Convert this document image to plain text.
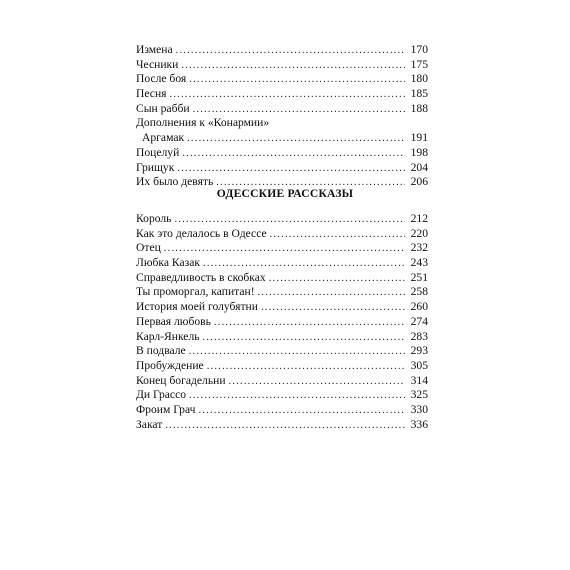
Измена .....	170
Чесники .....	175
После боя .....	180
Песня .....	185
Сын рабби .....	188
Дополнения к «Конармии»
Аргамак .....	191
Поцелуй .....	198
Грищук .....	204
Их было девять .....	206
ОДЕССКИЕ РАССКАЗЫ
Король .....	212
Как это делалось в Одессе .....	220
Отец .....	232
Любка Казак .....	243
Справедливость в скобках .....	251
Ты проморгал, капитан! .....	258
История моей голубятни .....	260
Первая любовь .....	274
Карл-Янкель .....	283
В подвале .....	293
Пробуждение .....	305
Конец богадельни .....	314
Ди Грассо .....	325
Фроим Грач .....	330
Закат .....	336
